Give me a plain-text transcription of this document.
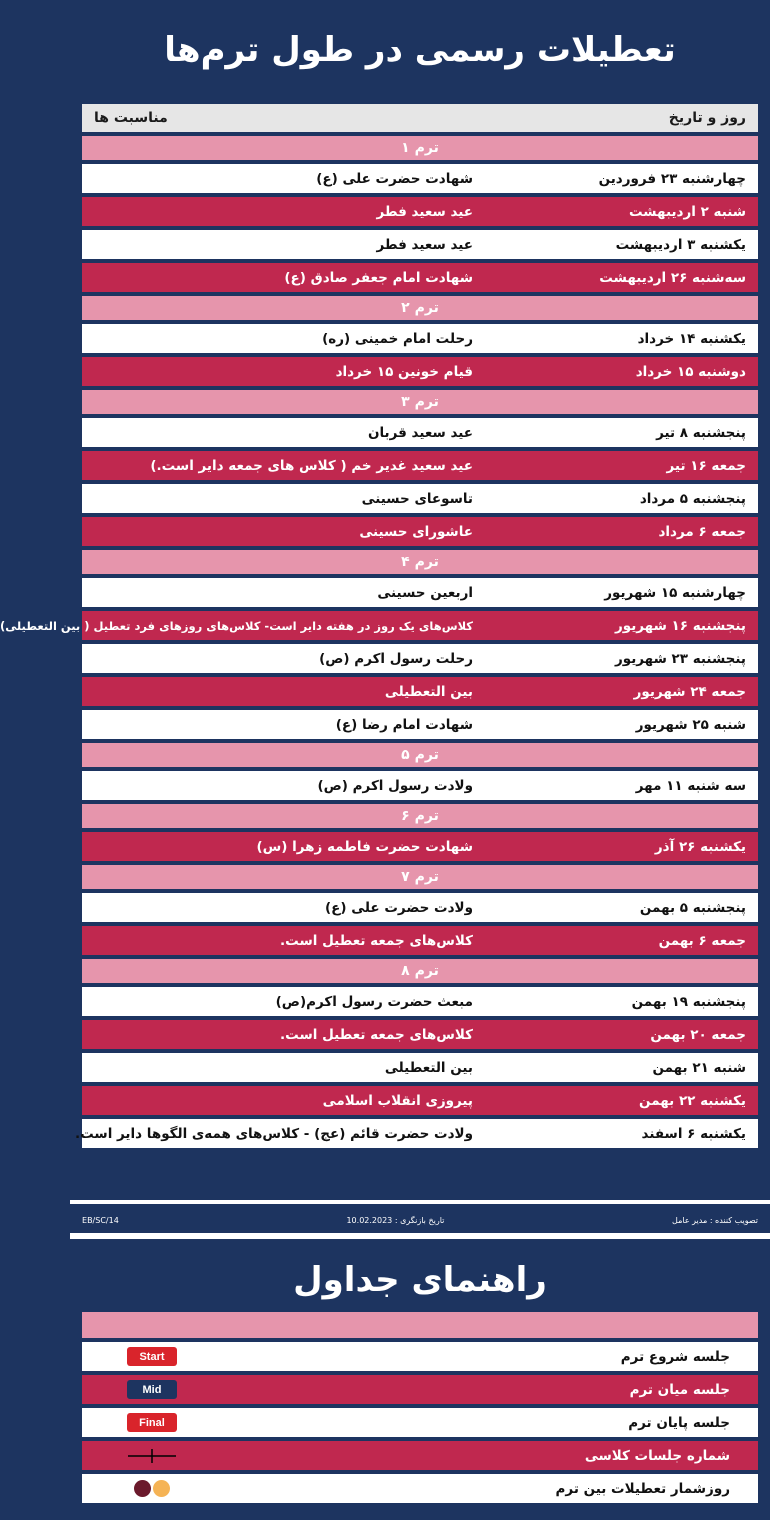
تعطیلات رسمی در طول ترم‌ها
روز و تاریخ
مناسبت ها
ترم ۱
چهارشنبه ۲۳ فروردین
شهادت حضرت علی (ع)
شنبه ۲ اردیبهشت
عید سعید فطر
یکشنبه ۳ اردیبهشت
عید سعید فطر
سه‌شنبه ۲۶ اردیبهشت
شهادت امام جعفر صادق (ع)
ترم ۲
یکشنبه ۱۴ خرداد
رحلت امام خمینی (ره)
دوشنبه ۱۵ خرداد
قیام خونین ۱۵ خرداد
ترم ۳
پنجشنبه ۸ تیر
عید سعید قربان
جمعه ۱۶ تیر
عید سعید غدیر خم ( کلاس های جمعه دایر است.)
پنجشنبه ۵ مرداد
تاسوعای حسینی
جمعه ۶ مرداد
عاشورای حسینی
ترم ۴
چهارشنبه ۱۵ شهریور
اربعین حسینی
پنجشنبه ۱۶ شهریور
کلاس‌های یک روز در هفته دایر است- کلاس‌های روزهای فرد تعطیل ( بین التعطیلی)
پنجشنبه ۲۳ شهریور
رحلت رسول اکرم (ص)
جمعه ۲۴ شهریور
بین التعطیلی
شنبه ۲۵ شهریور
شهادت امام رضا (ع)
ترم ۵
سه شنبه ۱۱ مهر
ولادت رسول اکرم (ص)
ترم ۶
یکشنبه ۲۶ آذر
شهادت حضرت فاطمه زهرا (س)
ترم ۷
پنجشنبه ۵ بهمن
ولادت حضرت علی (ع)
جمعه ۶ بهمن
کلاس‌های جمعه تعطیل است.
ترم ۸
پنجشنبه ۱۹ بهمن
مبعث حضرت رسول اکرم(ص)
جمعه ۲۰ بهمن
کلاس‌های جمعه تعطیل است.
شنبه ۲۱ بهمن
بین التعطیلی
یکشنبه ۲۲ بهمن
پیروزی انقلاب اسلامی
یکشنبه ۶ اسفند
ولادت حضرت قائم (عج) - کلاس‌های همه‌ی الگوها دایر است.
تصویب کننده : مدیر عامل
تاریخ بازنگری : 10.02.2023
EB/SC/14
راهنمای جداول
جلسه شروع ترم
Start
جلسه میان ترم
Mid
جلسه پایان ترم
Final
شماره جلسات کلاسی
روزشمار تعطیلات بین ترم
